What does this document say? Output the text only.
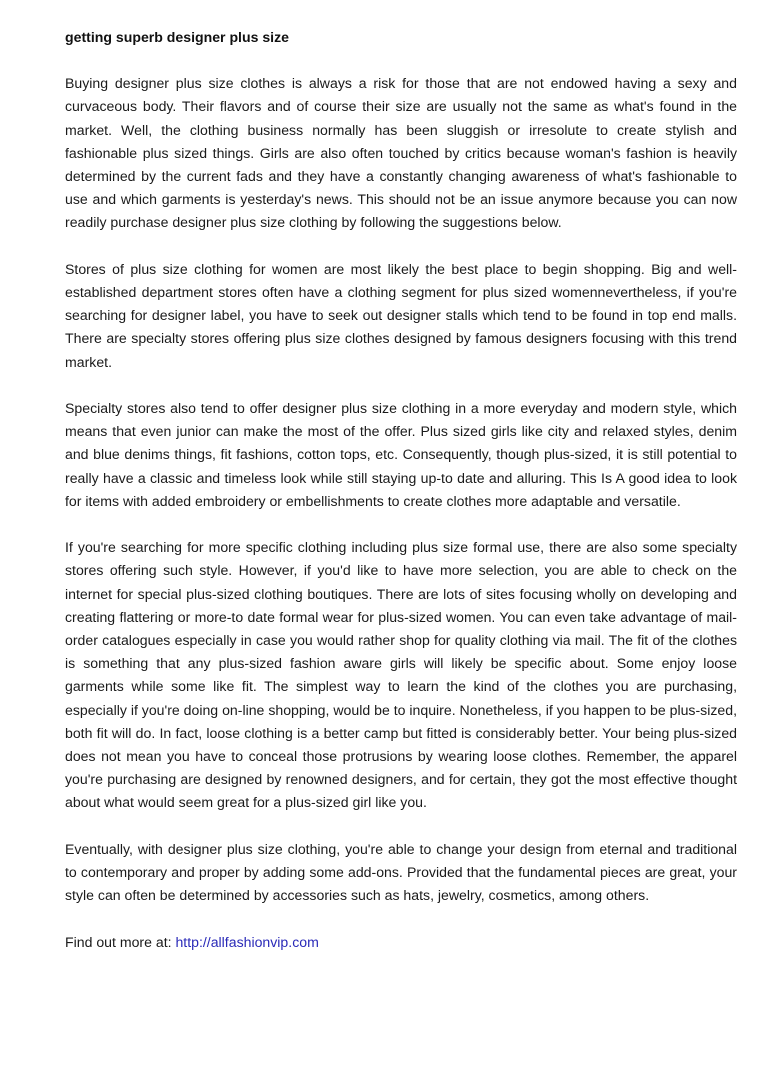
getting superb designer plus size

Buying designer plus size clothes is always a risk for those that are not endowed having a sexy and curvaceous body. Their flavors and of course their size are usually not the same as what's found in the market. Well, the clothing business normally has been sluggish or irresolute to create stylish and fashionable plus sized things. Girls are also often touched by critics because woman's fashion is heavily determined by the current fads and they have a constantly changing awareness of what's fashionable to use and which garments is yesterday's news. This should not be an issue anymore because you can now readily purchase designer plus size clothing by following the suggestions below.

Stores of plus size clothing for women are most likely the best place to begin shopping. Big and well-established department stores often have a clothing segment for plus sized womennevertheless, if you're searching for designer label, you have to seek out designer stalls which tend to be found in top end malls. There are specialty stores offering plus size clothes designed by famous designers focusing with this trend market.

Specialty stores also tend to offer designer plus size clothing in a more everyday and modern style, which means that even junior can make the most of the offer. Plus sized girls like city and relaxed styles, denim and blue denims things, fit fashions, cotton tops, etc. Consequently, though plus-sized, it is still potential to really have a classic and timeless look while still staying up-to date and alluring. This Is A good idea to look for items with added embroidery or embellishments to create clothes more adaptable and versatile.

If you're searching for more specific clothing including plus size formal use, there are also some specialty stores offering such style. However, if you'd like to have more selection, you are able to check on the internet for special plus-sized clothing boutiques. There are lots of sites focusing wholly on developing and creating flattering or more-to date formal wear for plus-sized women. You can even take advantage of mail-order catalogues especially in case you would rather shop for quality clothing via mail. The fit of the clothes is something that any plus-sized fashion aware girls will likely be specific about. Some enjoy loose garments while some like fit. The simplest way to learn the kind of the clothes you are purchasing, especially if you're doing on-line shopping, would be to inquire. Nonetheless, if you happen to be plus-sized, both fit will do. In fact, loose clothing is a better camp but fitted is considerably better. Your being plus-sized does not mean you have to conceal those protrusions by wearing loose clothes. Remember, the apparel you're purchasing are designed by renowned designers, and for certain, they got the most effective thought about what would seem great for a plus-sized girl like you.

Eventually, with designer plus size clothing, you're able to change your design from eternal and traditional to contemporary and proper by adding some add-ons. Provided that the fundamental pieces are great, your style can often be determined by accessories such as hats, jewelry, cosmetics, among others.

Find out more at: http://allfashionvip.com
